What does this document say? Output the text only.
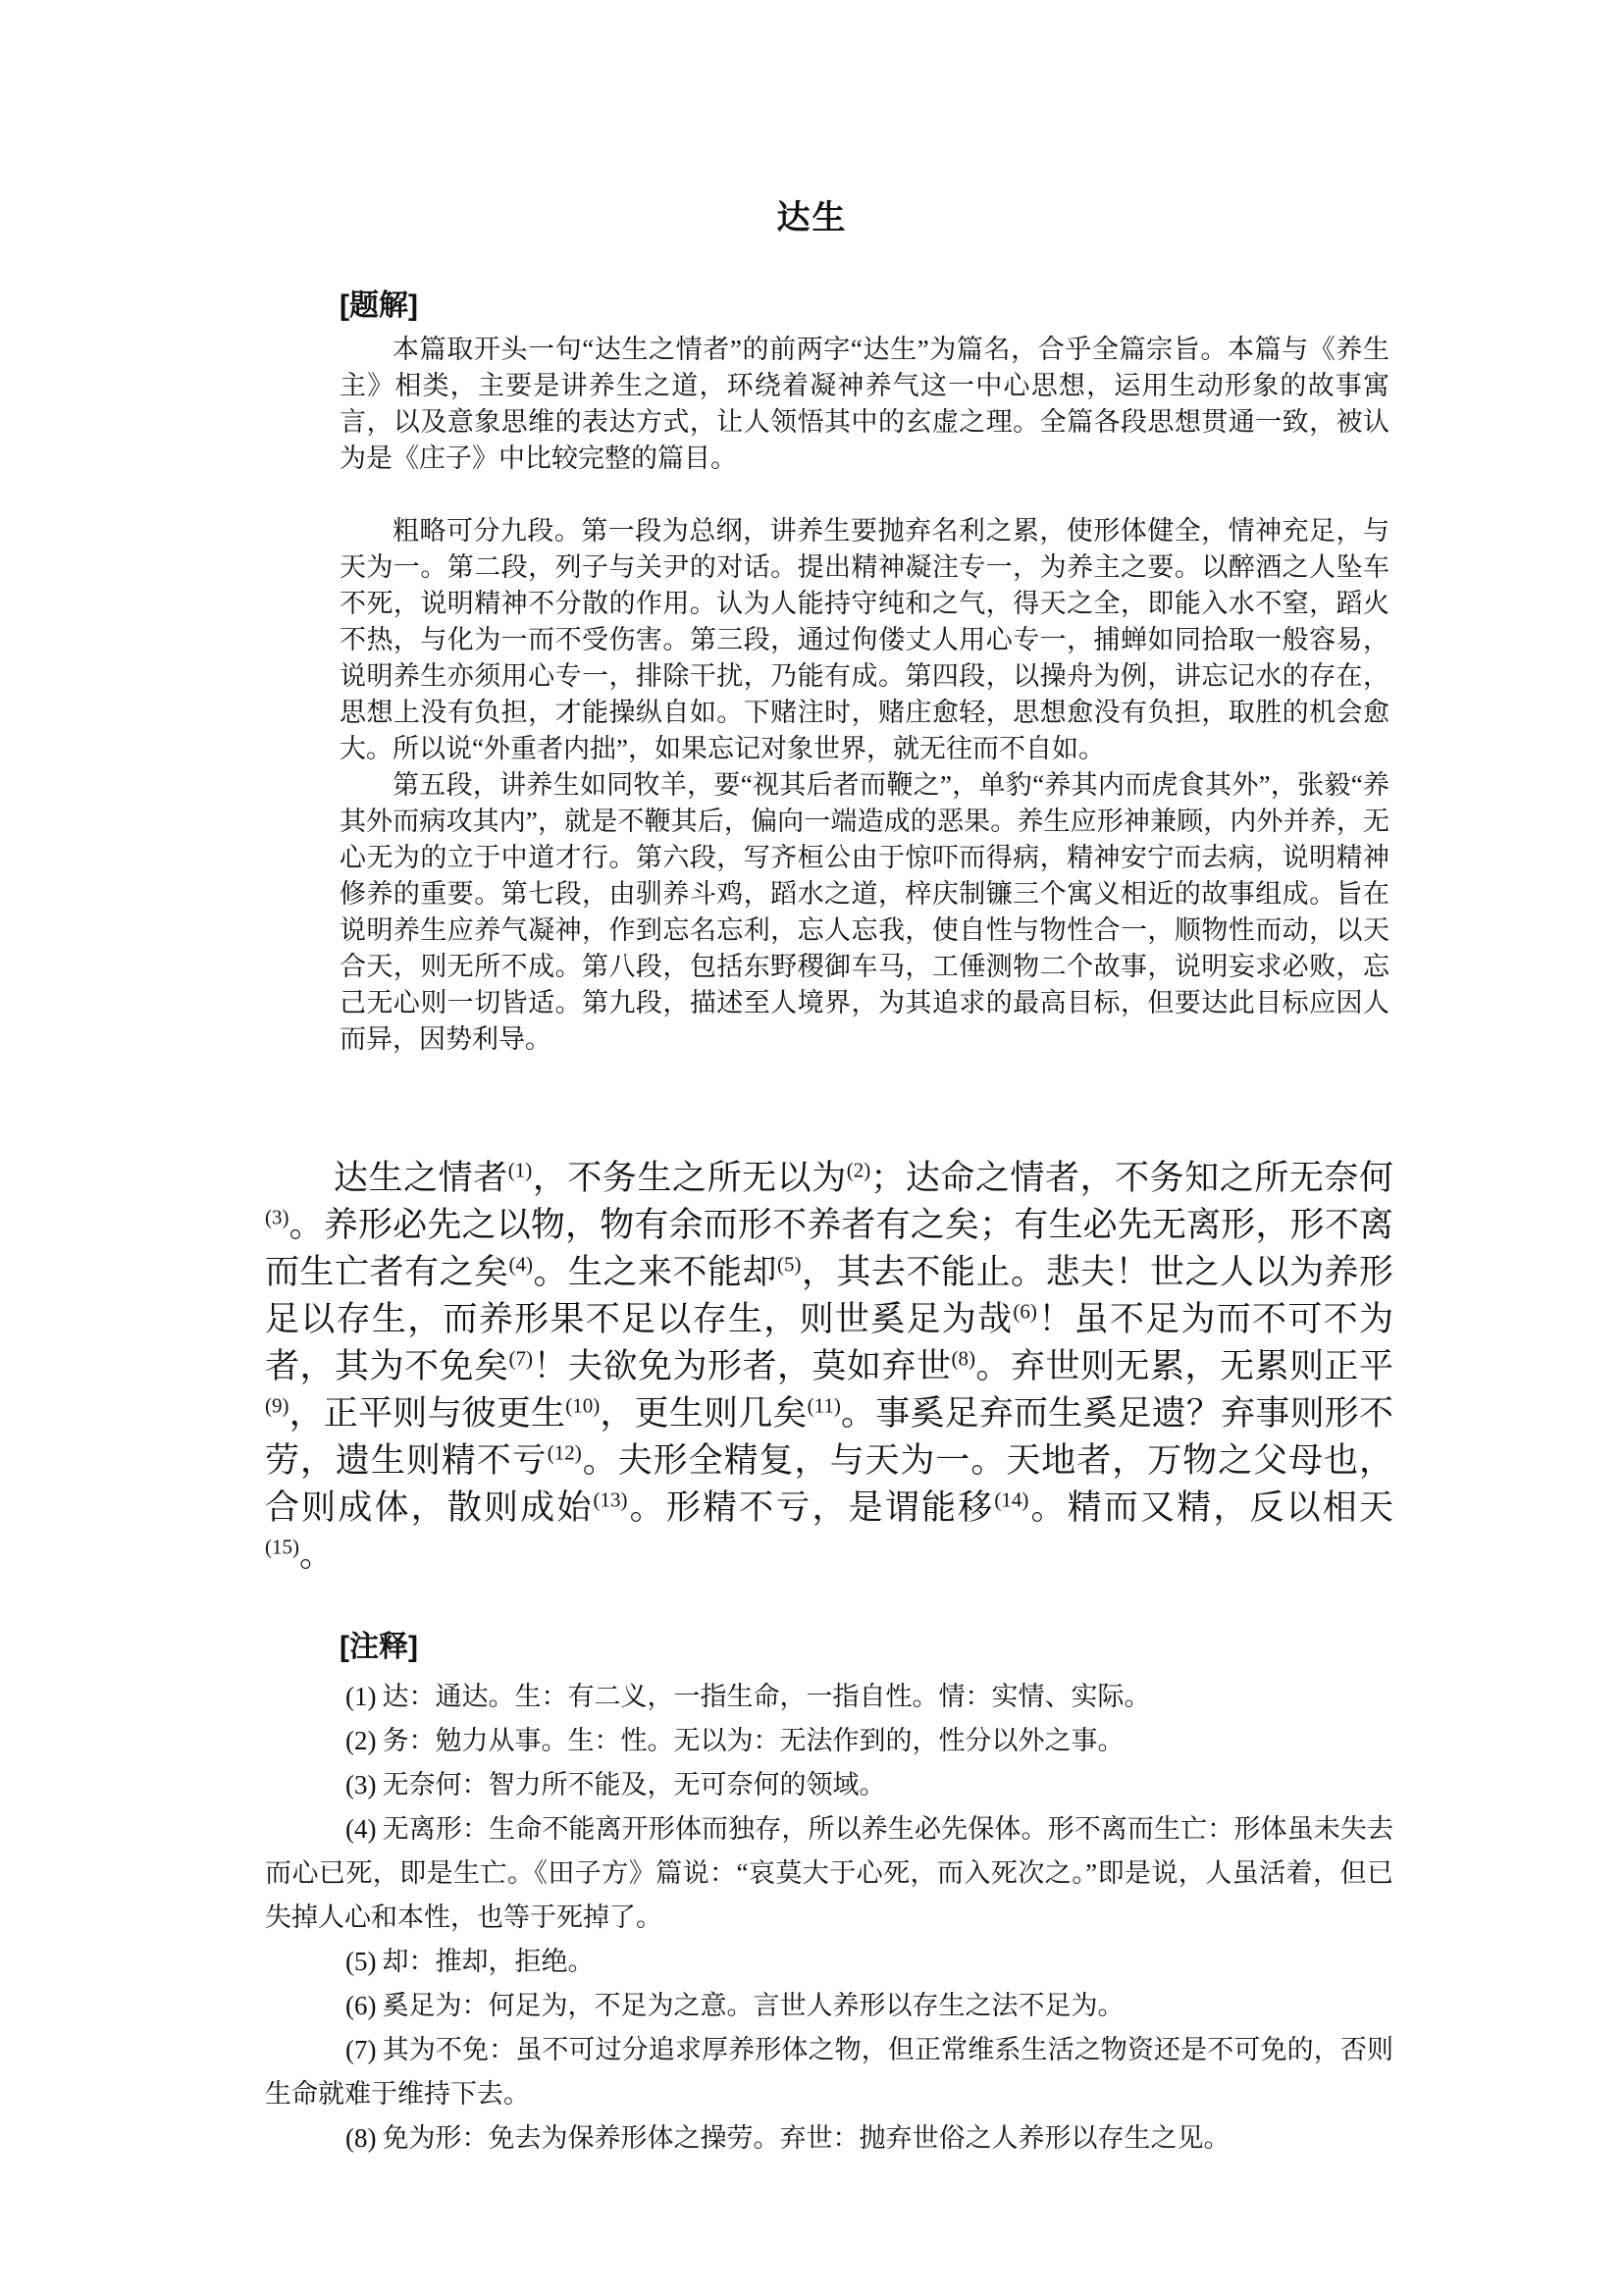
达生
[题解]

本篇取开头一句“达生之情者”的前两字“达生”为篇名，合乎全篇宗旨。本篇与《养生主》相类，主要是讲养生之道，环绕着凝神养气这一中心思想，运用生动形象的故事寓言，以及意象思维的表达方式，让人领悟其中的玄虚之理。全篇各段思想贯通一致，被认为是《庄子》中比较完整的篇目。

粗略可分九段。第一段为总纲，讲养生要抛弃名利之累，使形体健全，情神充足，与天为一。第二段，列子与关尹的对话。提出精神凝注专一，为养主之要。以醉酒之人坠车不死，说明精神不分散的作用。认为人能持守纯和之气，得天之全，即能入水不窒，蹈火不热，与化为一而不受伤害。第三段，通过佝偻丈人用心专一，捕蝉如同拾取一般容易，说明养生亦须用心专一，排除干扰，乃能有成。第四段，以操舟为例，讲忘记水的存在，思想上没有负担，才能操纵自如。下赌注时，赌庄愈轻，思想愈没有负担，取胜的机会愈大。所以说“外重者内拙”，如果忘记对象世界，就无往而不自如。

第五段，讲养生如同牧羊，要“视其后者而鞭之”，单豹“养其内而虎食其外”，张毅“养其外而病攻其内”，就是不鞭其后，偏向一端造成的恶果。养生应形神兼顾，内外并养，无心无为的立于中道才行。第六段，写齐桓公由于惊吓而得病，精神安宁而去病，说明精神修养的重要。第七段，由驯养斗鸡，蹈水之道，梓庆制镰三个寓义相近的故事组成。旨在说明养生应养气凝神，作到忘名忘利，忘人忘我，使自性与物性合一，顺物性而动，以天合天，则无所不成。第八段，包括东野稷御车马，工倕测物二个故事，说明妄求必败，忘己无心则一切皆适。第九段，描述至人境界，为其追求的最高目标，但要达此目标应因人而异，因势利导。

达生之情者$^{(1)}$，不务生之所无以为$^{(2)}$；达命之情者，不务知之所无奈何$^{(3)}$。养形必先之以物，物有余而形不养者有之矣；有生必先无离形，形不离而生亡者有之矣$^{(4)}$。生之来不能却$^{(5)}$，其去不能止。悲夫！世之人以为养形足以存生，而养形果不足以存生，则世奚足为哉$^{(6)}$！虽不足为而不可不为者，其为不免矣$^{(7)}$！夫欲免为形者，莫如弃世$^{(8)}$。弃世则无累，无累则正平$^{(9)}$，正平则与彼更生$^{(10)}$，更生则几矣$^{(11)}$。事奚足弃而生奚足遗？弃事则形不劳，遗生则精不亏$^{(12)}$。夫形全精复，与天为一。天地者，万物之父母也，合则成体，散则成始$^{(13)}$。形精不亏，是谓能移$^{(14)}$。精而又精，反以相天$^{(15)}$。
[注释]

(1) 达：通达。生：有二义，一指生命，一指自性。情：实情、实际。

(2) 务：勉力从事。生：性。无以为：无法作到的，性分以外之事。

(3) 无奈何：智力所不能及，无可奈何的领域。

(4) 无离形：生命不能离开形体而独存，所以养生必先保体。形不离而生亡：形体虽未失去而心已死，即是生亡。《田子方》篇说：“哀莫大于心死，而入死次之。”即是说，人虽活着，但已失掉人心和本性，也等于死掉了。

(5) 却：推却，拒绝。

(6) 奚足为：何足为，不足为之意。言世人养形以存生之法不足为。

(7) 其为不免：虽不可过分追求厚养形体之物，但正常维系生活之物资还是不可免的，否则生命就难于维持下去。

(8) 免为形：免去为保养形体之操劳。弃世：抛弃世俗之人养形以存生之见。
